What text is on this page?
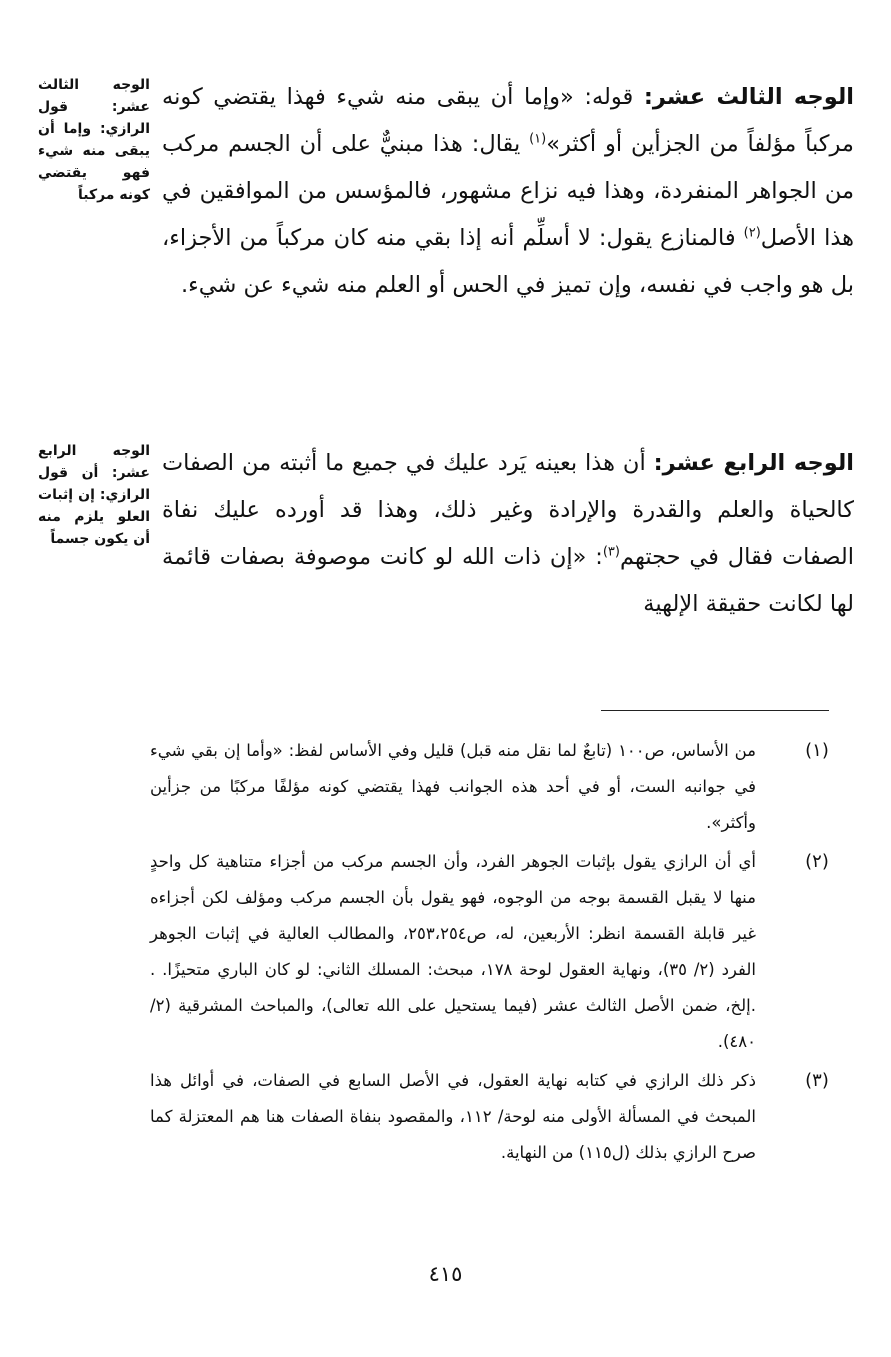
الوجه الثالث عشر: قول الرازي: وإما أن يبقى منه شيء فهو يقتضي كونه مركباً
الوجه الرابع عشر: أن قول الرازي: إن إثبات العلو يلزم منه أن يكون جسماً

الوجه الثالث عشر: قوله: «وإما أن يبقى منه شيء فهذا يقتضي كونه مركباً مؤلفاً من الجزأين أو أكثر»$^{(١)}$ يقال: هذا مبنيٌّ على أن الجسم مركب من الجواهر المنفردة، وهذا فيه نزاع مشهور، فالمؤسس من الموافقين في هذا الأصل$^{(٢)}$ فالمنازع يقول: لا أسلِّم أنه إذا بقي منه كان مركباً من الأجزاء، بل هو واجب في نفسه، وإن تميز في الحس أو العلم منه شيء عن شيء.

الوجه الرابع عشر: أن هذا بعينه يَرد عليك في جميع ما أثبته من الصفات كالحياة والعلم والقدرة والإرادة وغير ذلك، وهذا قد أورده عليك نفاة الصفات فقال في حجتهم$^{(٣)}$: «إن ذات الله لو كانت موصوفة بصفات قائمة لها لكانت حقيقة الإلهية

(١)
من الأساس، ص١٠٠ (تابعٌ لما نقل منه قبل) قليل وفي الأساس لفظ: «وأما إن بقي شيء في جوانبه الست، أو في أحد هذه الجوانب فهذا يقتضي كونه مؤلفًا مركبًا من جزأين وأكثر».
(٢)
أي أن الرازي يقول بإثبات الجوهر الفرد، وأن الجسم مركب من أجزاء متناهية كل واحدٍ منها لا يقبل القسمة بوجه من الوجوه، فهو يقول بأن الجسم مركب ومؤلف لكن أجزاءه غير قابلة القسمة انظر: الأربعين، له، ص٢٥٣،٢٥٤، والمطالب العالية في إثبات الجوهر الفرد (٢/ ٣٥)، ونهاية العقول لوحة ١٧٨، مبحث: المسلك الثاني: لو كان الباري متحيزًا. . .إلخ، ضمن الأصل الثالث عشر (فيما يستحيل على الله تعالى)، والمباحث المشرقية (٢/ ٤٨٠).
(٣)
ذكر ذلك الرازي في كتابه نهاية العقول، في الأصل السابع في الصفات، في أوائل هذا المبحث في المسألة الأولى منه لوحة/ ١١٢، والمقصود بنفاة الصفات هنا هم المعتزلة كما صرح الرازي بذلك (ل١١٥) من النهاية.
٤١٥
